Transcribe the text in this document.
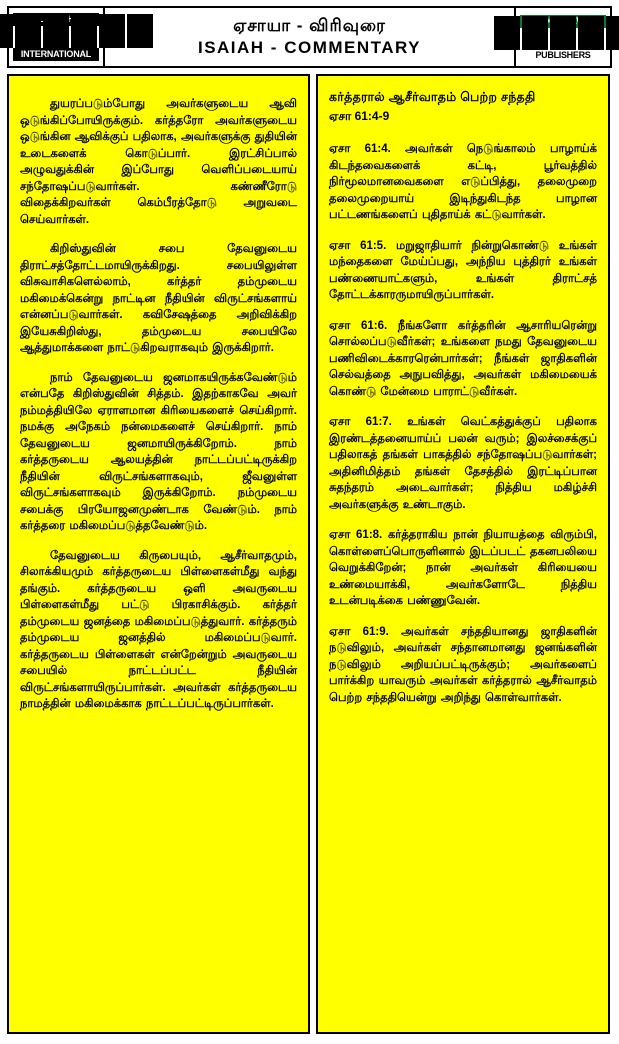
INTERNATIONAL
ஏசாயா - விரிவுரை
ISAIAH - COMMENTARY
GOOD
PUBLISHERS

துயரப்படும்போது அவர்களுடைய ஆவி ஒடுங்கிப்போயிருக்கும். கர்த்தரோ அவர்களுடைய ஒடுங்கின ஆவிக்குப் பதிலாக, அவர்களுக்கு துதியின் உடைகளைக் கொடுப்பார். இரட்சிப்பால் அழுவதுக்கின் இப்போது வெளிப்படையாய் சந்தோஷப்படுவார்கள். கண்ணீரோடு விதைக்கிறவர்கள் கெம்பீரத்தோடு அறுவடை செய்வார்கள்.

கிறிஸ்துவின் சபை தேவனுடைய திராட்சத்தோட்டமாயிருக்கிறது. சபையிலுள்ள விசுவாசிகளெல்லாம், கர்த்தர் தம்முடைய மகிமைக்கென்று நாட்டின நீதியின் விருட்சங்களாய் என்னப்படுவார்கள். கவிசேஷத்தை அறிவிக்கிற இயேசுகிறிஸ்து, தம்முடைய சபையிலே ஆத்துமாக்களை நாட்டுகிறவராகவும் இருக்கிறார்.

நாம் தேவனுடைய ஜனமாகயிருக்கவேண்டும் என்பதே கிறிஸ்துவின் சித்தம். இதற்காகவே அவர் நம்மத்தியிலே ஏராளமான கிரியைகளைச் செய்கிறார். நமக்கு அநேகம் நன்மைகளைச் செய்கிறார். நாம் தேவனுடைய ஜனமாயிருக்கிறோம். நாம் கர்த்தருடைய ஆலயத்தின் நாட்டப்பட்டிருக்கிற நீதியின் விருட்சங்களாகவும், ஜீவனுள்ள விருட்சங்களாகவும் இருக்கிறோம். நம்முடைய சபைக்கு பிரயோஜனமுண்டாக வேண்டும். நாம் கர்த்தரை மகிமைப்படுத்தவேண்டும்.

தேவனுடைய கிருபையும், ஆசீர்வாதமும், சிலாக்கியமும் கர்த்தருடைய பிள்ளைகள்மீது வந்து தங்கும். கர்த்தருடைய ஒளி அவருடைய பிள்ளைகள்மீது பட்டு பிரகாசிக்கும். கர்த்தர் தம்முடைய ஜனத்தை மகிமைப்படுத்துவார். கர்த்தரும் தம்முடைய ஜனத்தில் மகிமைப்படுவார். கர்த்தருடைய பிள்ளைகள் என்றேன்றும் அவருடைய சபையில் நாட்டப்பட்ட நீதியின் விருட்சங்களாயிருப்பார்கள். அவர்கள் கர்த்தருடைய நாமத்தின் மகிமைக்காக நாட்டப்பட்டிருப்பார்கள்.

கர்த்தரால் ஆசீர்வாதம் பெற்ற சந்ததி
ஏசா 61:4-9

ஏசா 61:4. அவர்கள் நெடுங்காலம் பாழாய்க் கிடந்தவைகளைக் கட்டி, பூர்வத்தில் நிர்மூலமானவைகளை எடுப்பித்து, தலைமுறை தலைமுறையாய் இடிந்துகிடந்த பாழான பட்டணங்களைப் புதிதாய்க் கட்டுவார்கள்.

ஏசா 61:5. மறுஜாதியார் நின்றுகொண்டு உங்கள் மந்தைகளை மேய்ப்பது, அந்நிய புத்திரர் உங்கள் பண்ணையாட்களும், உங்கள் திராட்சத் தோட்டக்காரருமாயிருப்பார்கள்.

ஏசா 61:6. நீங்களோ கர்த்தரின் ஆசாரியரென்று சொல்லப்படுவீர்கள்; உங்களை நமது தேவனுடைய பணிவிடைக்காரரென்பார்கள்; நீங்கள் ஜாதிகளின் செல்வத்தை அநுபவித்து, அவர்கள் மகிமையைக் கொண்டு மேன்மை பாராட்டுவீர்கள்.

ஏசா 61:7. உங்கள் வெட்கத்துக்குப் பதிலாக இரண்டத்தனையாய்ப் பலன் வரும்; இலச்சைக்குப் பதிலாகத் தங்கள் பாகத்தில் சந்தோஷப்படுவார்கள்; அதினிமித்தம் தங்கள் தேசத்தில் இரட்டிப்பான சுதந்தரம் அடைவார்கள்; நித்திய மகிழ்ச்சி அவர்களுக்கு உண்டாகும்.

ஏசா 61:8. கர்த்தராகிய நான் நியாயத்தை விரும்பி, கொள்ளைப்பொருளினால் இடப்படட் தகனபலியை வெறுக்கிறேன்; நான் அவர்கள் கிரியையை உண்மையாக்கி, அவர்களோடே நித்திய உடன்படிக்கை பண்ணுவேன்.

ஏசா 61:9. அவர்கள் சந்ததியானது ஜாதிகளின் நடுவிலும், அவர்கள் சந்தானமானது ஜனங்களின் நடுவிலும் அறியப்பட்டிருக்கும்; அவர்களைப் பார்க்கிற யாவரும் அவர்கள் கர்த்தரால் ஆசீர்வாதம் பெற்ற சந்ததியென்று அறிந்து கொள்வார்கள்.
